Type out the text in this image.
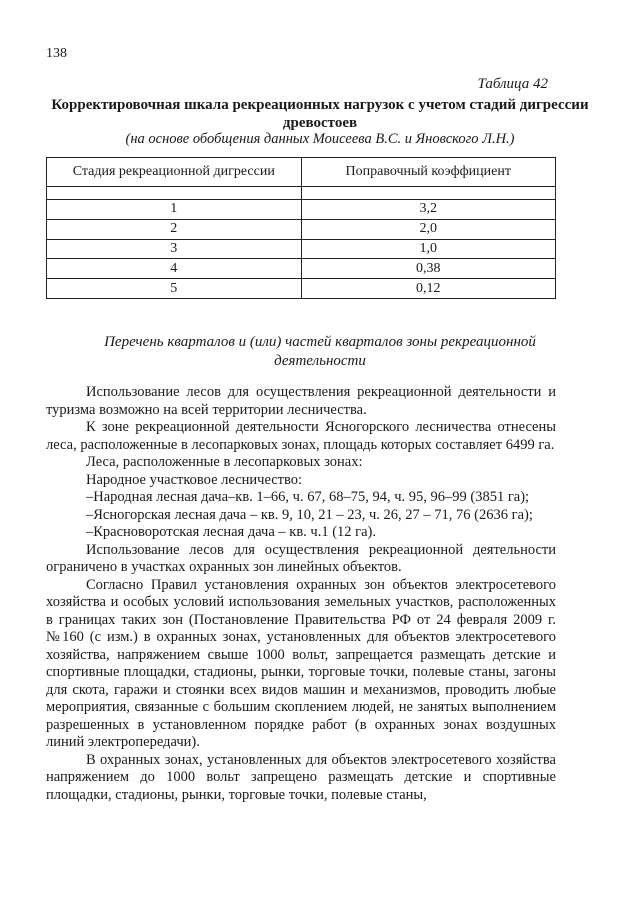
138
Таблица 42
Корректировочная шкала рекреационных нагрузок с учетом стадий дигрессии древостоев
(на основе обобщения данных Моисеева В.С. и Яновского Л.Н.)
Стадия рекреационной дигрессии	Поправочный коэффициент

1	3,2
2	2,0
3	1,0
4	0,38
5	0,12
Перечень кварталов и (или) частей кварталов зоны рекреационной деятельности

Использование лесов для осуществления рекреационной деятельности и туризма возможно на всей территории лесничества.

К зоне рекреационной деятельности Ясногорского лесничества отнесены леса, расположенные в лесопарковых зонах, площадь которых составляет 6499 га.

Леса, расположенные в лесопарковых зонах:

Народное участковое лесничество:

–Народная лесная дача–кв. 1–66, ч. 67, 68–75, 94, ч. 95, 96–99 (3851 га);

–Ясногорская лесная дача – кв. 9, 10, 21 – 23, ч. 26, 27 – 71, 76 (2636 га);

–Красноворотская лесная дача – кв. ч.1 (12 га).

Использование лесов для осуществления рекреационной деятельности ограничено в участках охранных зон линейных объектов.

Согласно Правил установления охранных зон объектов электросетевого хозяйства и особых условий использования земельных участков, расположенных в границах таких зон (Постановление Правительства РФ от 24 февраля 2009 г. №160 (с изм.) в охранных зонах, установленных для объектов электросетевого хозяйства, напряжением свыше 1000 вольт, запрещается размещать детские и спортивные площадки, стадионы, рынки, торговые точки, полевые станы, загоны для скота, гаражи и стоянки всех видов машин и механизмов, проводить любые мероприятия, связанные с большим скоплением людей, не занятых выполнением разрешенных в установленном порядке работ (в охранных зонах воздушных линий электропередачи).

В охранных зонах, установленных для объектов электросетевого хозяйства напряжением до 1000 вольт запрещено размещать детские и спортивные площадки, стадионы, рынки, торговые точки, полевые станы,
